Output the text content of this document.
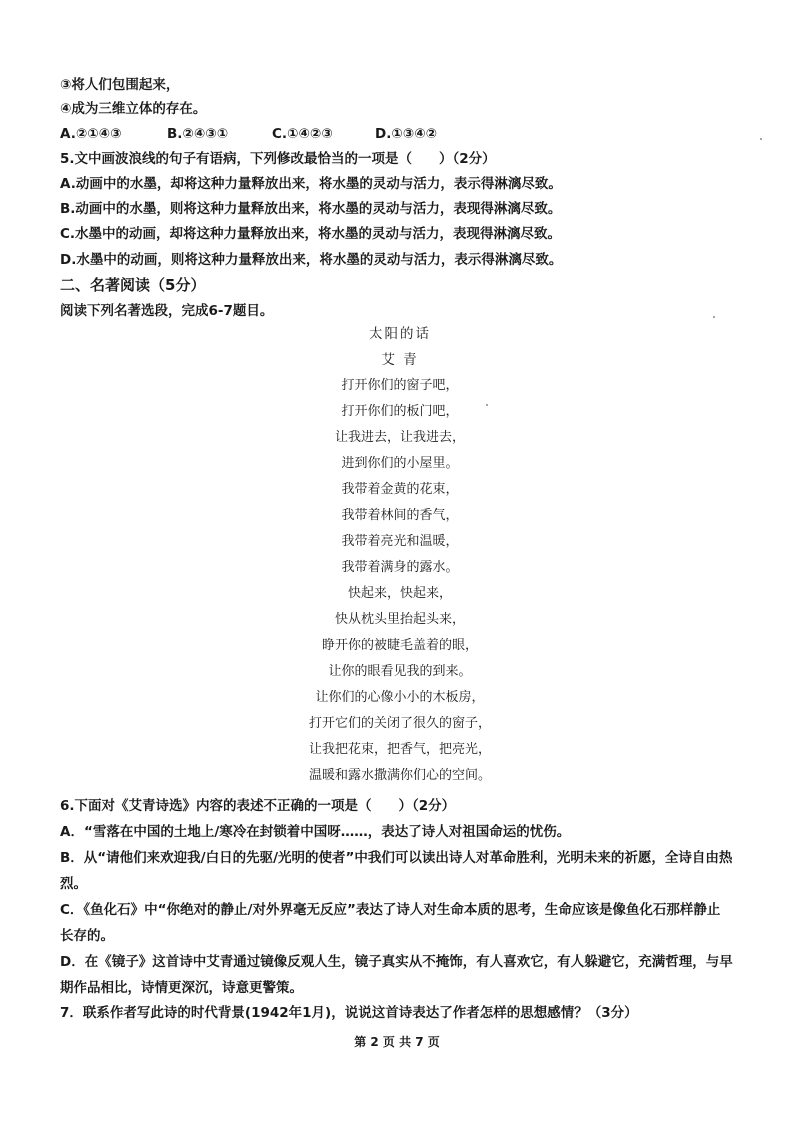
③将人们包围起来，
④成为三维立体的存在。
A.②①④③	B.②④③①	C.①④②③	D.①③④②
5.文中画波浪线的句子有语病，下列修改最恰当的一项是（　　）（2分）
A.动画中的水墨，却将这种力量释放出来，将水墨的灵动与活力，表示得淋漓尽致。
B.动画中的水墨，则将这种力量释放出来，将水墨的灵动与活力，表现得淋漓尽致。
C.水墨中的动画，却将这种力量释放出来，将水墨的灵动与活力，表现得淋漓尽致。
D.水墨中的动画，则将这种力量释放出来，将水墨的灵动与活力，表示得淋漓尽致。
二、名著阅读（5分）
阅读下列名著选段，完成6-7题目。
太阳的话
艾 青
打开你们的窗子吧，
打开你们的板门吧，
让我进去，让我进去，
进到你们的小屋里。
我带着金黄的花束，
我带着林间的香气，
我带着亮光和温暖，
我带着满身的露水。
快起来，快起来，
快从枕头里抬起头来，
睁开你的被睫毛盖着的眼，
让你的眼看见我的到来。
让你们的心像小小的木板房，
打开它们的关闭了很久的窗子，
让我把花束，把香气，把亮光，
温暖和露水撒满你们心的空间。
6.下面对《艾青诗选》内容的表述不正确的一项是（　　）（2分）
A．“雪落在中国的土地上/寒冷在封锁着中国呀……，表达了诗人对祖国命运的忧伤。
B．从“请他们来欢迎我/白日的先驱/光明的使者”中我们可以读出诗人对革命胜利，光明未来的祈愿，全诗自由热
烈。
C．《鱼化石》中“你绝对的静止/对外界毫无反应”表达了诗人对生命本质的思考，生命应该是像鱼化石那样静止
长存的。
D．在《镜子》这首诗中艾青通过镜像反观人生，镜子真实从不掩饰，有人喜欢它，有人躲避它，充满哲理，与早
期作品相比，诗情更深沉，诗意更警策。
7．联系作者写此诗的时代背景(1942年1月)，说说这首诗表达了作者怎样的思想感情？（3分）
第 2 页 共 7 页
